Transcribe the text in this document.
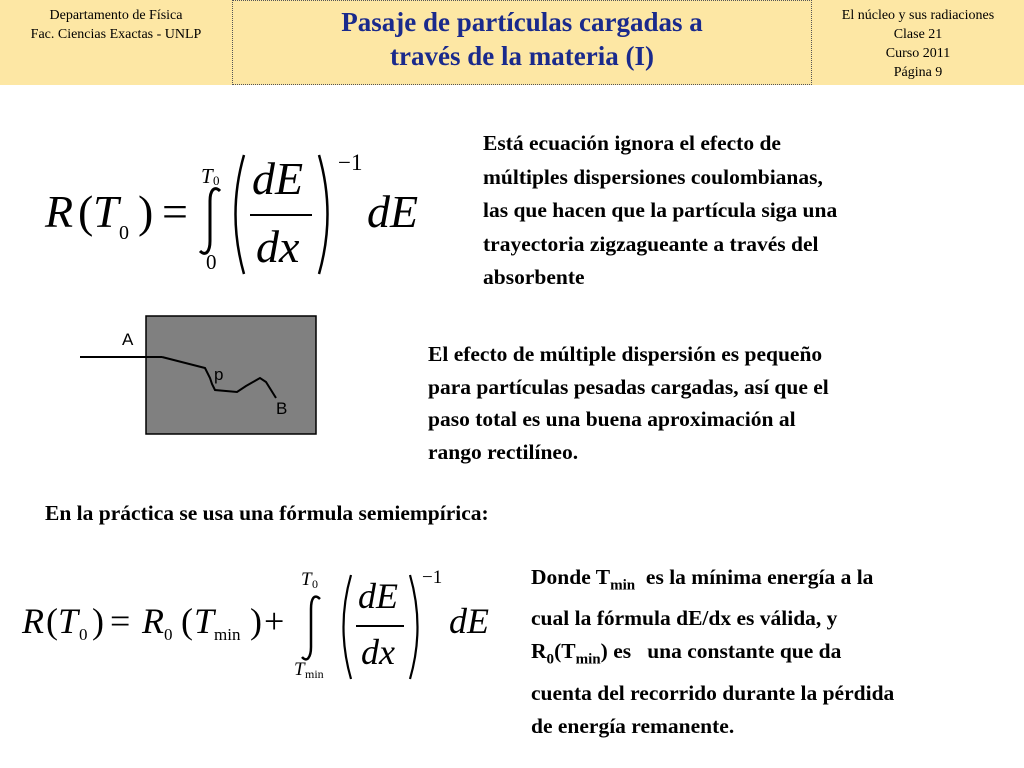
Departamento de Física
Fac. Ciencias Exactas - UNLP	Pasaje de partículas cargadas a
través de la materia (I)
El núcleo y sus radiaciones
Clase 21
Curso 2011
Página 9
R ( T 0 ) =
T 0
0
dE
dx
−1
dE
Está ecuación ignora el efecto de
múltiples dispersiones coulombianas,
las que hacen que la partícula siga una
trayectoria zigzagueante a través del
absorbente
A
p
B
El efecto de múltiple dispersión es pequeño
para partículas pesadas cargadas, así que el
paso total es una buena aproximación al
rango rectilíneo.
En la práctica se usa una fórmula semiempírica:
R ( T 0 ) = R 0 ( T min ) +
T 0
T min
dE
dx
−1
dE
Donde $T_{min}$  es la mínima energía a la
cual la fórmula dE/dx es válida, y
$R_0(T_{min})$ es   una constante que da
cuenta del recorrido durante la pérdida
de energía remanente.
